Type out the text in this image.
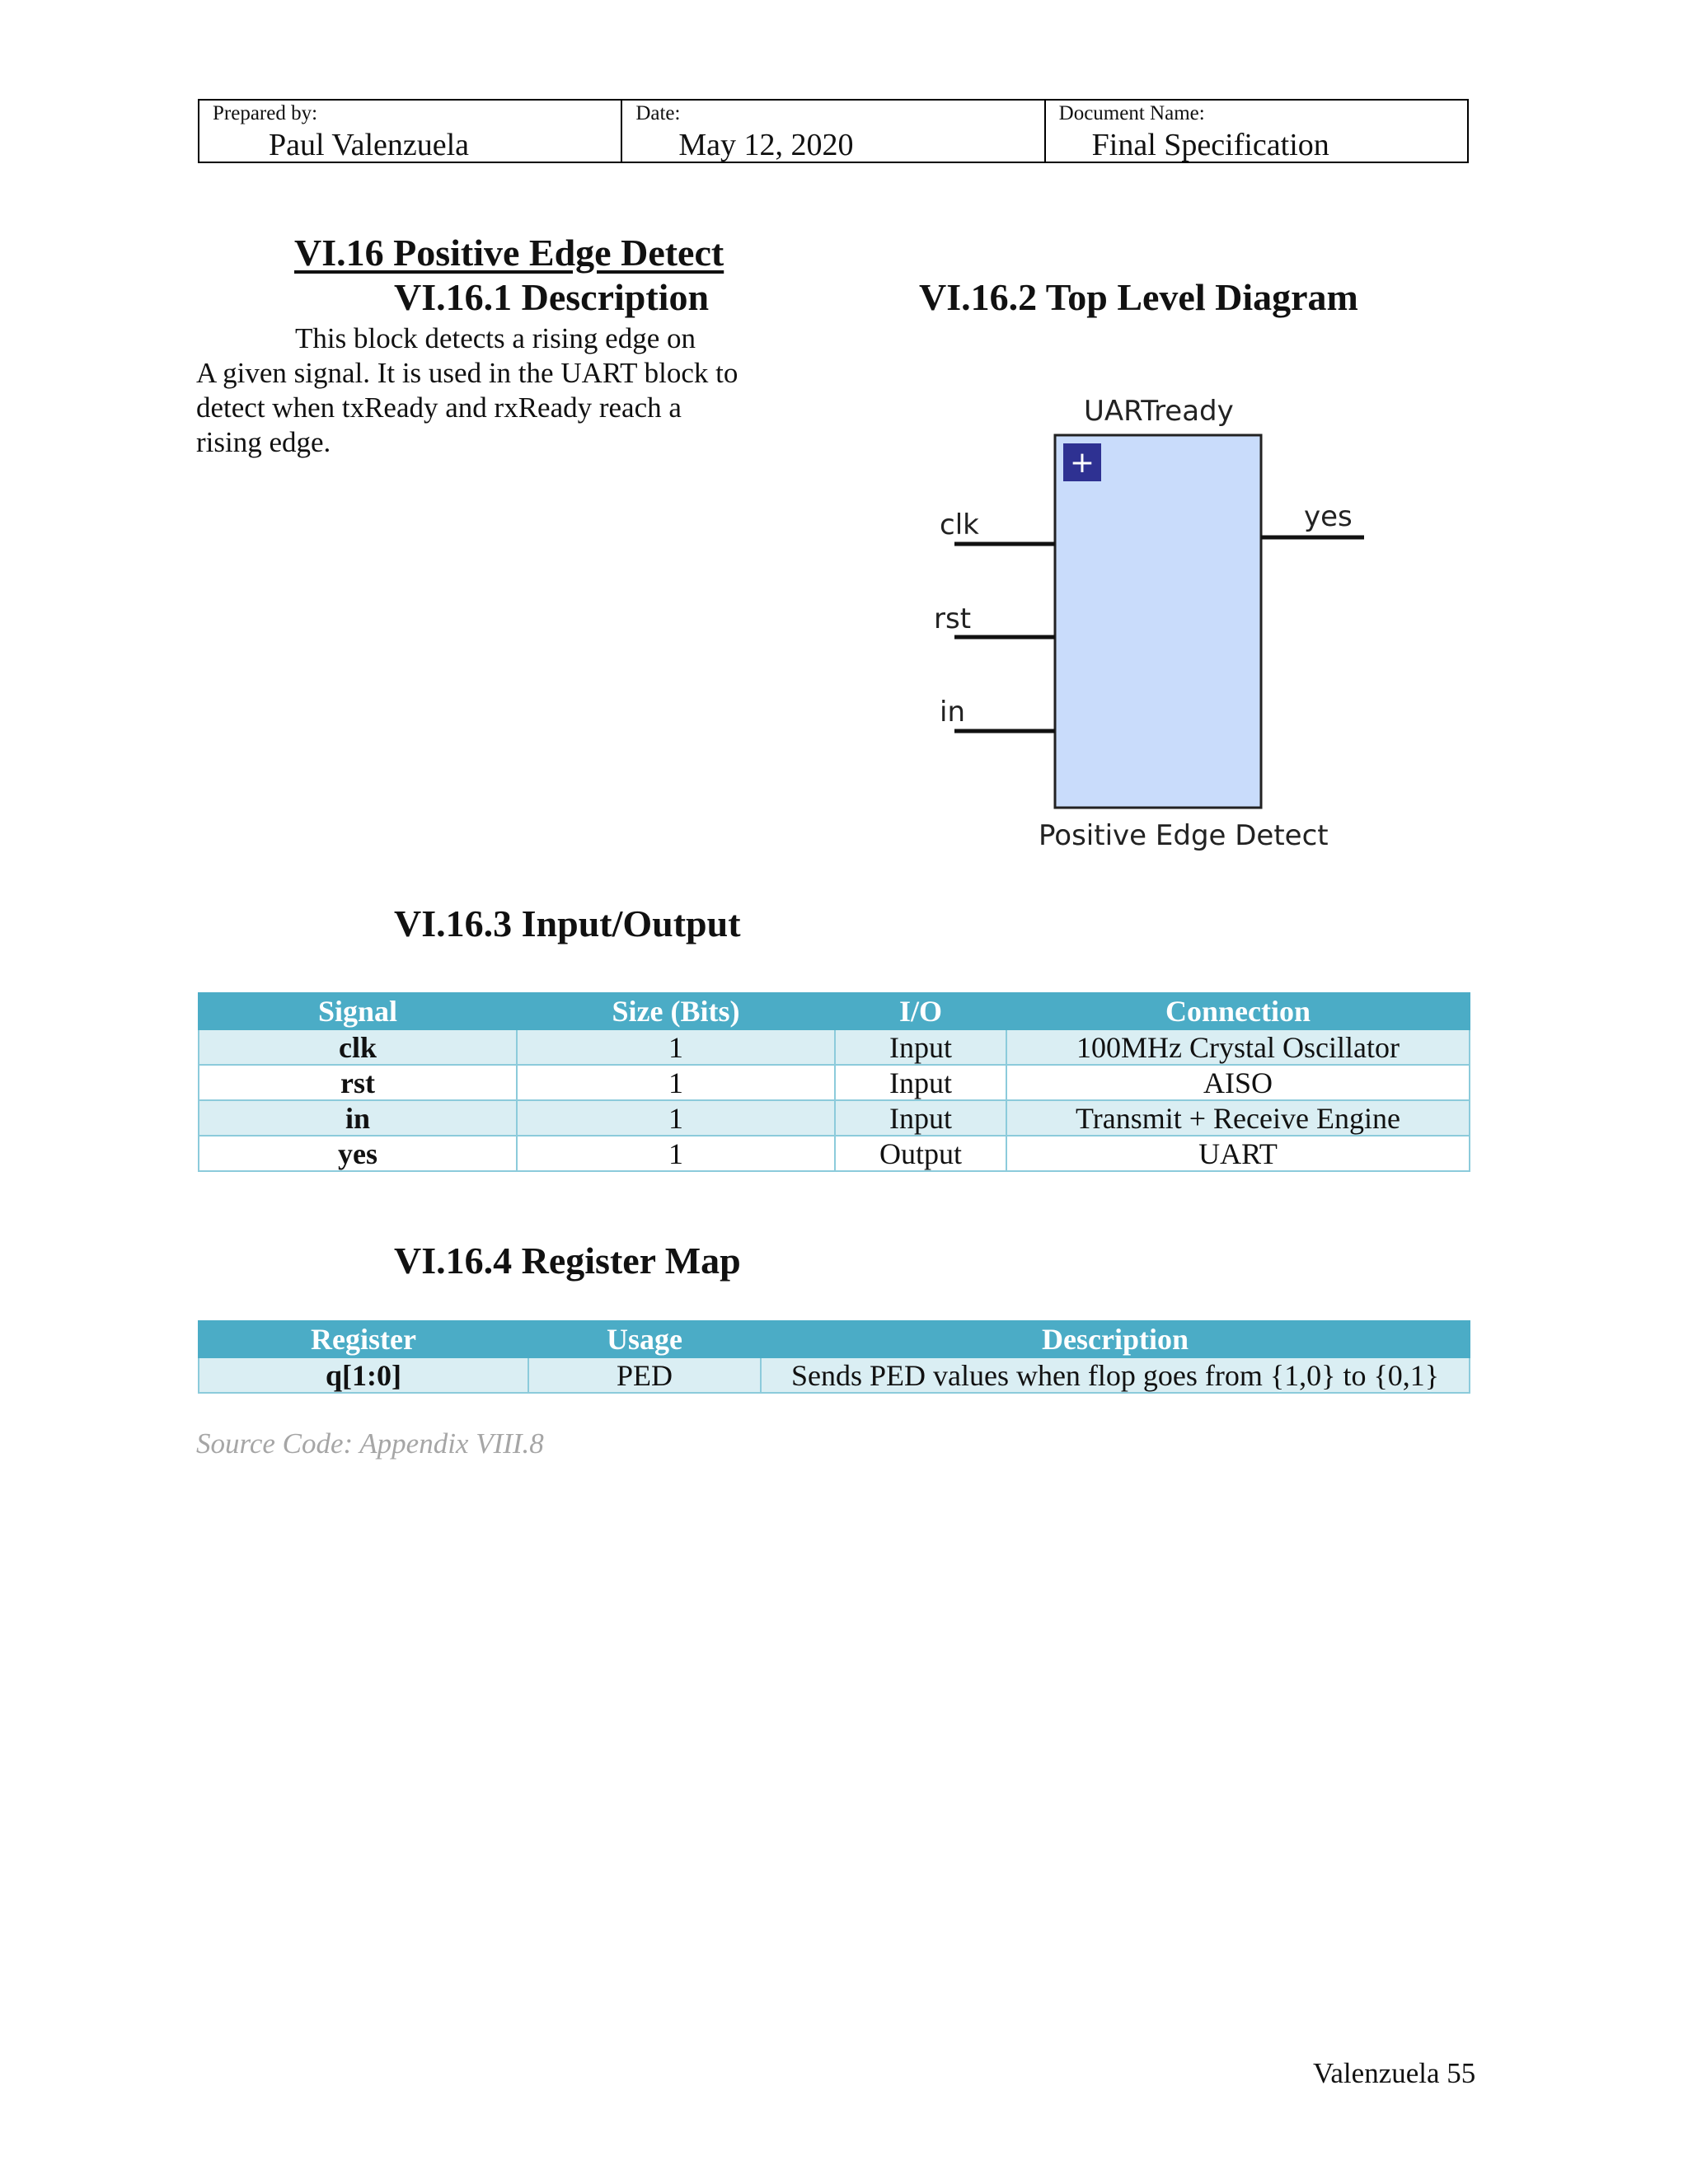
Prepared by:
Paul Valenzuela
Date:
May 12, 2020
Document Name:
Final Specification
VI.16 Positive Edge Detect
VI.16.1 Description	VI.16.2 Top Level Diagram
This block detects a rising edge on
A given signal. It is used in the UART block to
detect when txReady and rxReady reach a
rising edge.
UARTready
+
clk
rst
in
yes
Positive Edge Detect
VI.16.3 Input/Output
Signal	Size (Bits)	I/O	Connection
clk	1	Input	100MHz Crystal Oscillator
rst	1	Input	AISO
in	1	Input	Transmit + Receive Engine
yes	1	Output	UART
VI.16.4 Register Map
Register	Usage	Description
q[1:0]	PED	Sends PED values when flop goes from {1,0} to {0,1}
Source Code: Appendix VIII.8
Valenzuela 55
